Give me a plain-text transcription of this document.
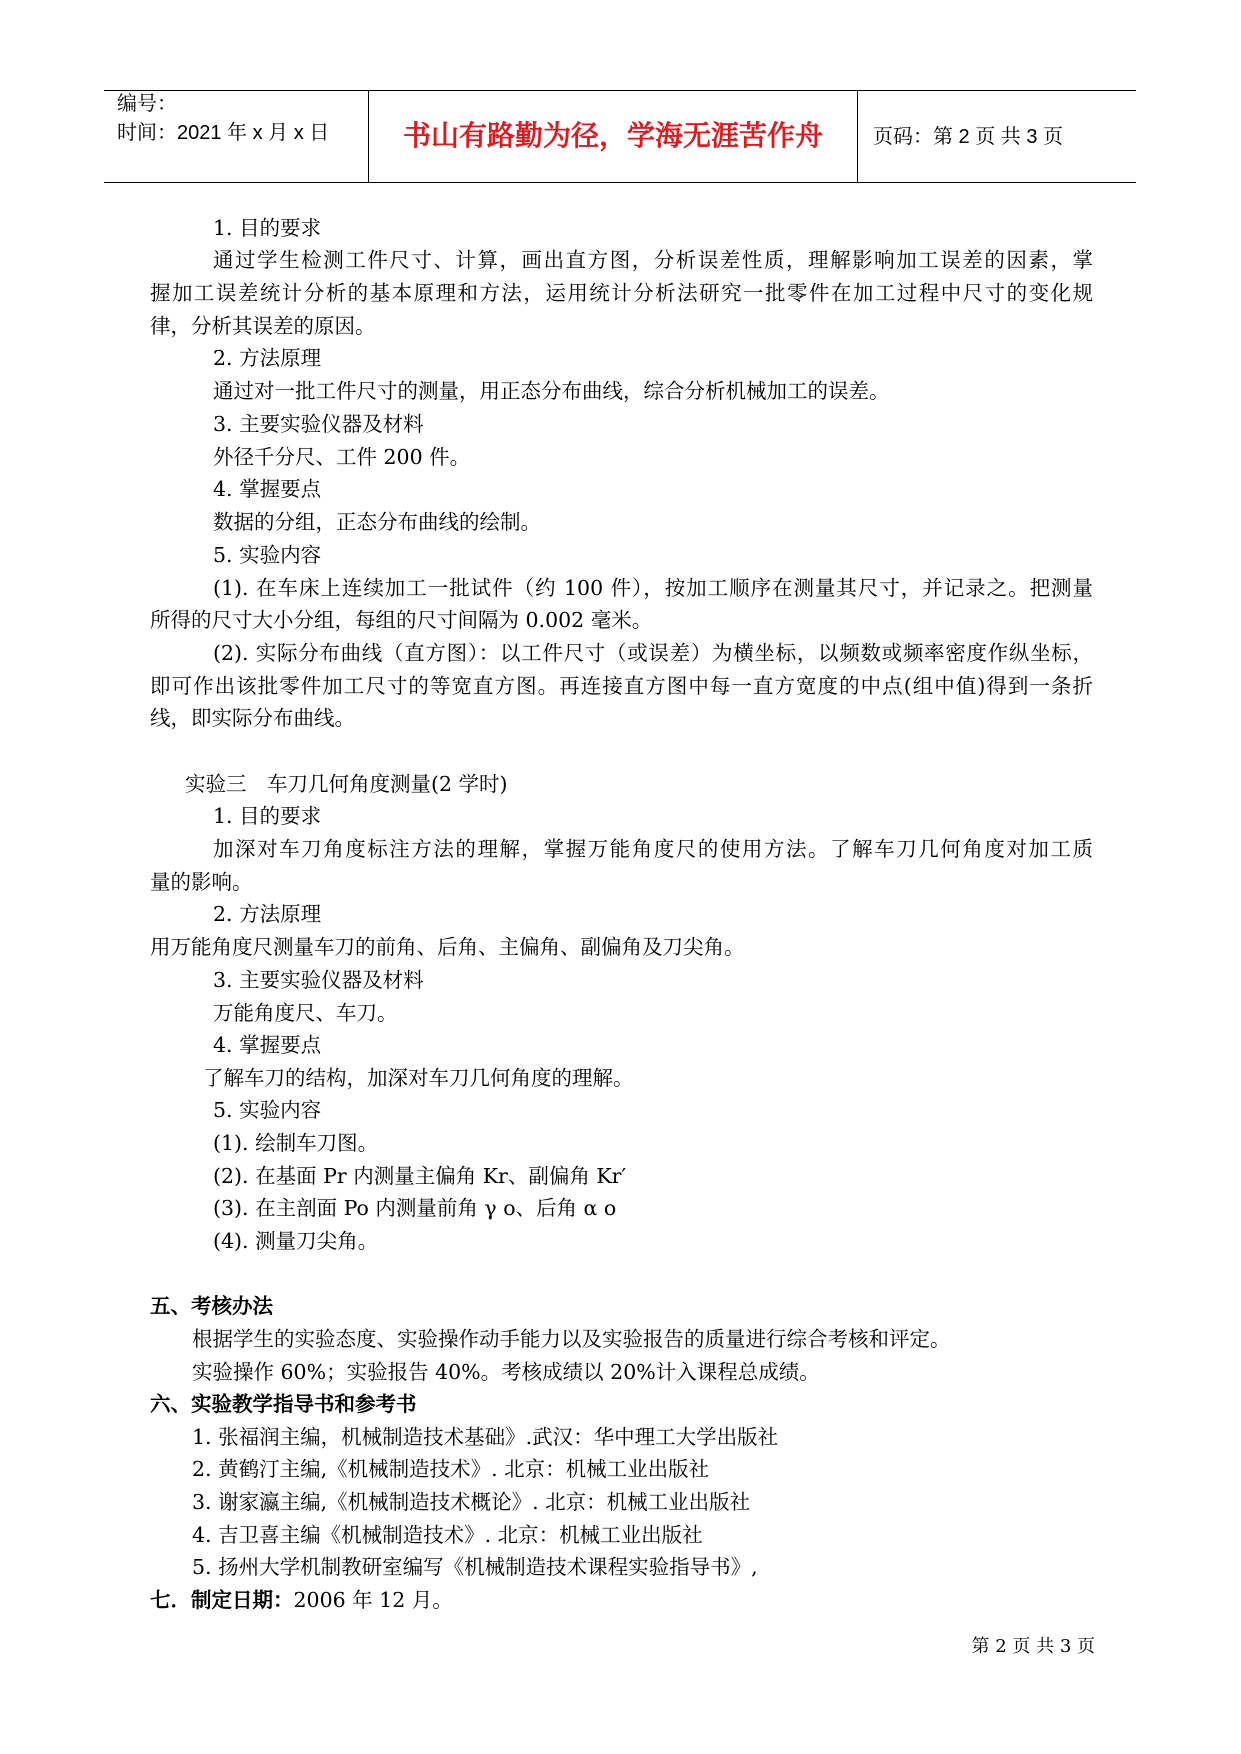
编号：
时间：2021 年 x 月 x 日	书山有路勤为径，学海无涯苦作舟	页码：第 2 页 共 3 页
1. 目的要求
通过学生检测工件尺寸、计算，画出直方图，分析误差性质，理解影响加工误差的因素，掌
握加工误差统计分析的基本原理和方法，运用统计分析法研究一批零件在加工过程中尺寸的变化规
律，分析其误差的原因。
2. 方法原理
通过对一批工件尺寸的测量，用正态分布曲线，综合分析机械加工的误差。
3. 主要实验仪器及材料
外径千分尺、工件 200 件。
4. 掌握要点
数据的分组，正态分布曲线的绘制。
5. 实验内容
(1). 在车床上连续加工一批试件（约 100 件），按加工顺序在测量其尺寸，并记录之。把测量
所得的尺寸大小分组，每组的尺寸间隔为 0.002 毫米。
(2). 实际分布曲线（直方图）：以工件尺寸（或误差）为横坐标，以频数或频率密度作纵坐标，
即可作出该批零件加工尺寸的等宽直方图。再连接直方图中每一直方宽度的中点(组中值)得到一条折
线，即实际分布曲线。
实验三　车刀几何角度测量(2 学时)
1. 目的要求
加深对车刀角度标注方法的理解，掌握万能角度尺的使用方法。了解车刀几何角度对加工质
量的影响。
2. 方法原理
用万能角度尺测量车刀的前角、后角、主偏角、副偏角及刀尖角。
3. 主要实验仪器及材料
万能角度尺、车刀。
4. 掌握要点
了解车刀的结构，加深对车刀几何角度的理解。
5. 实验内容
(1). 绘制车刀图。
(2). 在基面 Pr 内测量主偏角 Kr、副偏角 Kr′
(3). 在主剖面 Po 内测量前角 γ o、后角 α o
(4). 测量刀尖角。
五、考核办法
根据学生的实验态度、实验操作动手能力以及实验报告的质量进行综合考核和评定。
实验操作 60%；实验报告 40%。考核成绩以 20%计入课程总成绩。
六、实验教学指导书和参考书
1. 张福润主编，机械制造技术基础》.武汉：华中理工大学出版社
2. 黄鹤汀主编,《机械制造技术》. 北京：机械工业出版社
3. 谢家瀛主编,《机械制造技术概论》. 北京：机械工业出版社
4. 吉卫喜主编《机械制造技术》. 北京：机械工业出版社
5. 扬州大学机制教研室编写《机械制造技术课程实验指导书》,
七．制定日期：2006 年 12 月。
第 2 页 共 3 页
